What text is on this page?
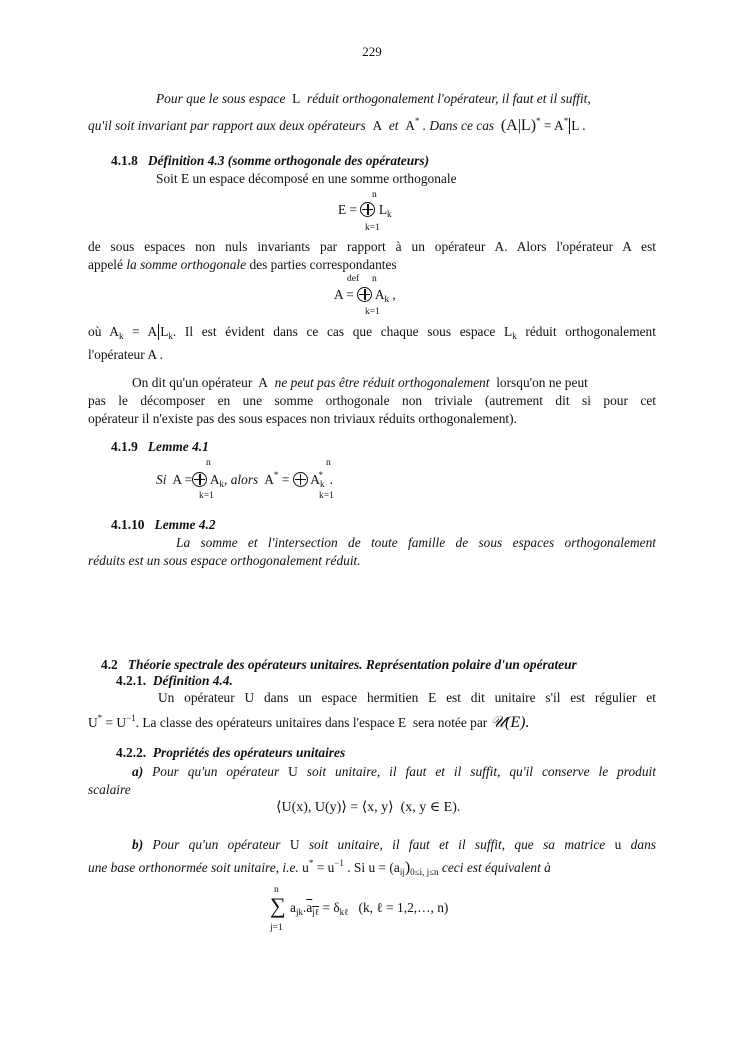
229
Pour que le sous espace L réduit orthogonalement l'opérateur, il faut et il suffit,
qu'il soit invariant par rapport aux deux opérateurs A et A* . Dans ce cas (A|L)* = A* L .
4.1.8 Définition 4.3 (somme orthogonale des opérateurs)
Soit E un espace décomposé en une somme orthogonale
n
$E = L_k$
k=1
de sous espaces non nuls invariants par rapport à un opérateur A. Alors l'opérateur A est
appelé la somme orthogonale des parties correspondantes
def n
$A = A_k$ ,
k=1
où $A_k = A$ $L_k$. Il est évident dans ce cas que chaque sous espace $L_k$ réduit orthogonalement
l'opérateur A .
On dit qu'un opérateur A ne peut pas être réduit orthogonalement lorsqu'on ne peut
pas le décomposer en une somme orthogonale non triviale (autrement dit si pour cet
opérateur il n'existe pas des sous espaces non triviaux réduits orthogonalement).
4.1.9 Lemme 4.1
n	n
Si $A = A_k$, alors $A^* = A_k^*$ .
k=1	k=1
4.1.10 Lemme 4.2
La somme et l'intersection de toute famille de sous espaces orthogonalement
réduits est un sous espace orthogonalement réduit.
4.2 Théorie spectrale des opérateurs unitaires. Représentation polaire d'un opérateur
4.2.1. Définition 4.4.
Un opérateur U dans un espace hermitien E est dit unitaire s'il est régulier et
$U^* = U^{-1}$. La classe des opérateurs unitaires dans l'espace E sera notée par 𝒰(E).
4.2.2. Propriétés des opérateurs unitaires
a) Pour qu'un opérateur U soit unitaire, il faut et il suffit, qu'il conserve le produit
scalaire
⟨U(x), U(y)⟩ = ⟨x, y⟩ (x, y ∈ E).
b) Pour qu'un opérateur U soit unitaire, il faut et il suffit, que sa matrice u dans
une base orthonormée soit unitaire, i.e. $u^* = u^{-1}$ . Si $u = (a_{ij})_{0\le i, j\le n}$ ceci est équivalent à
n
∑ $a_{jk}.a_{j\ell} = \delta_{k\ell}$ (k, ℓ = 1,2,…, n)
j=1
